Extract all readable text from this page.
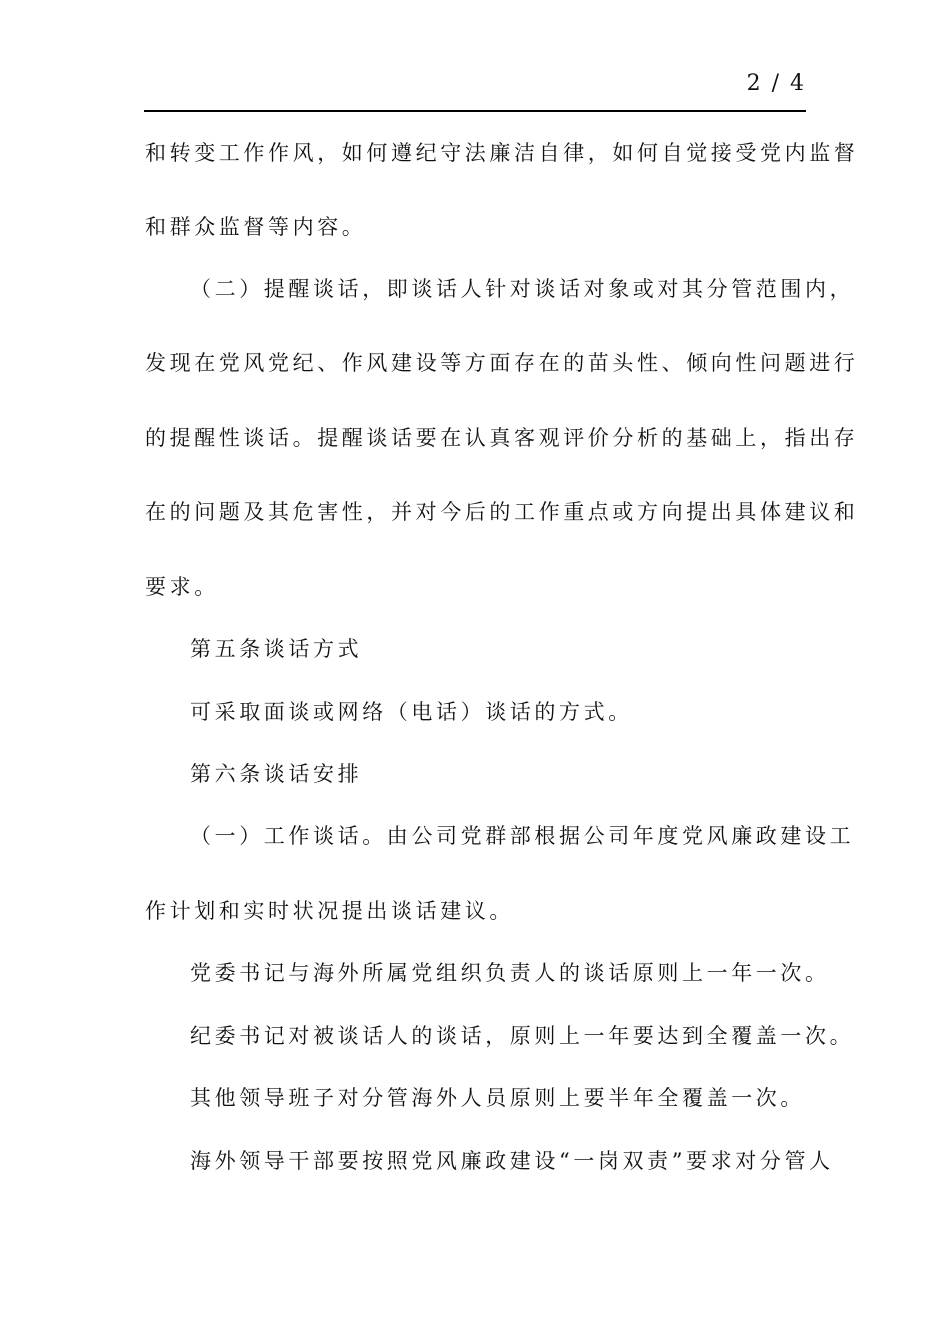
2 / 4
和转变工作作风，如何遵纪守法廉洁自律，如何自觉接受党内监督
和群众监督等内容。
（二）提醒谈话，即谈话人针对谈话对象或对其分管范围内，
发现在党风党纪、作风建设等方面存在的苗头性、倾向性问题进行
的提醒性谈话。提醒谈话要在认真客观评价分析的基础上，指出存
在的问题及其危害性，并对今后的工作重点或方向提出具体建议和
要求。
第五条谈话方式
可采取面谈或网络（电话）谈话的方式。
第六条谈话安排
（一）工作谈话。由公司党群部根据公司年度党风廉政建设工
作计划和实时状况提出谈话建议。
党委书记与海外所属党组织负责人的谈话原则上一年一次。
纪委书记对被谈话人的谈话，原则上一年要达到全覆盖一次。
其他领导班子对分管海外人员原则上要半年全覆盖一次。
海外领导干部要按照党风廉政建设“一岗双责”要求对分管人
